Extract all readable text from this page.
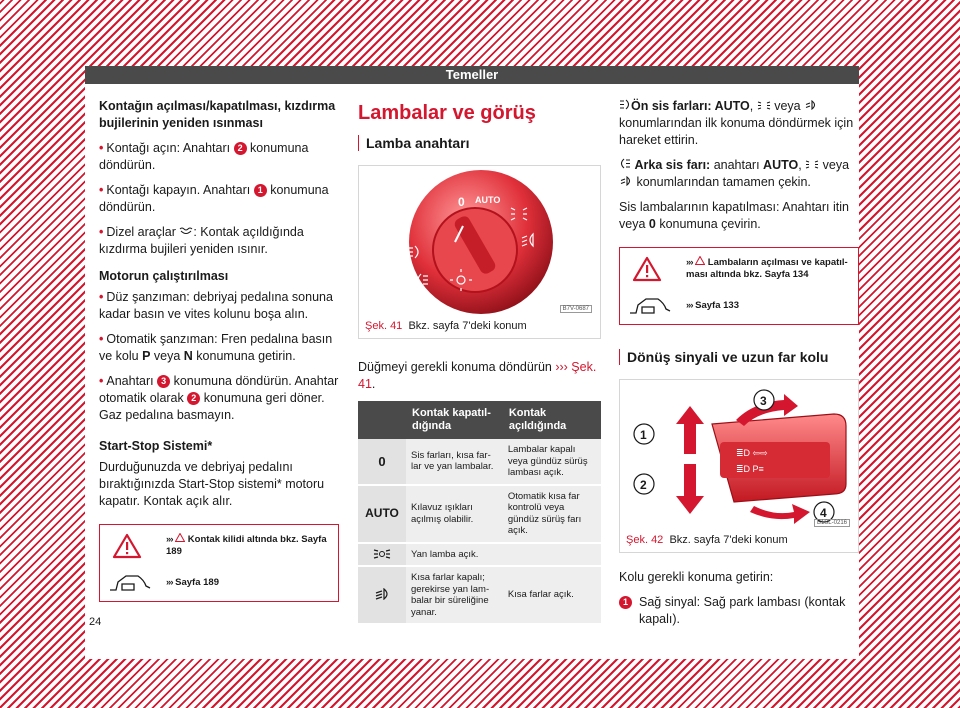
Temeller

Kontağın açılması/kapatılması, kızdırma bujilerinin yeniden ısınması

• Kontağı açın: Anahtarı 2 konumuna döndürün.

• Kontağı kapayın. Anahtarı 1 konumuna döndürün.

• Dizel araçlar : Kontak açıldığında kızdırma bujileri yeniden ısınır.

Motorun çalıştırılması

• Düz şanzıman: debriyaj pedalına sonuna kadar basın ve vites kolunu boşa alın.

• Otomatik şanzıman: Fren pedalına basın ve kolu P veya N konumuna getirin.

• Anahtarı 3 konumuna döndürün. Anahtar otomatik olarak 2 konumuna geri döner. Gaz pedalına basmayın.

Start-Stop Sistemi*

Durduğunuzda ve debriyaj pedalını bıraktığınızda Start-Stop sistemi* motoru kapatır. Kontak açık alır.

››› Kontak kilidi altında bkz. Sayfa 189
››› Sayfa 189
Lambalar ve görüş
Lamba anahtarı
0 AUTO
B7V-0687
Şek. 41 Bkz. sayfa 7'deki konum

Düğmeyi gerekli konuma döndürün ››› Şek. 41.

	Kontak kapatıldığında	Kontak açıldığında
0	Sis farları, kısa farlar ve yan lambalar.	Lambalar kapalı veya gündüz sürüş lambası açık.
AUTO	Kılavuz ışıkları açılmış olabilir.	Otomatik kısa far kontrolü veya gündüz sürüş farı açık.
	Yan lamba açık.	
	Kısa farlar kapalı; gerekirse yan lambalar bir süreliğine yanar.	Kısa farlar açık.

Ön sis farları: AUTO,  veya  konumlarından ilk konuma döndürmek için hareket ettirin.

Arka sis farı: anahtarı AUTO,  veya  konumlarından tamamen çekin.

Sis lambalarının kapatılması: Anahtarı itin veya 0 konumuna çevirin.

››› Lambaların açılması ve kapatılması altında bkz. Sayfa 134
››› Sayfa 133
Dönüş sinyali ve uzun far kolu
≣D ⇦⇨
≣D P≡
1
2
3
4
B1SL-0216
Şek. 42 Bkz. sayfa 7'deki konum

Kolu gerekli konuma getirin:

1 Sağ sinyal: Sağ park lambası (kontak kapalı).
24
